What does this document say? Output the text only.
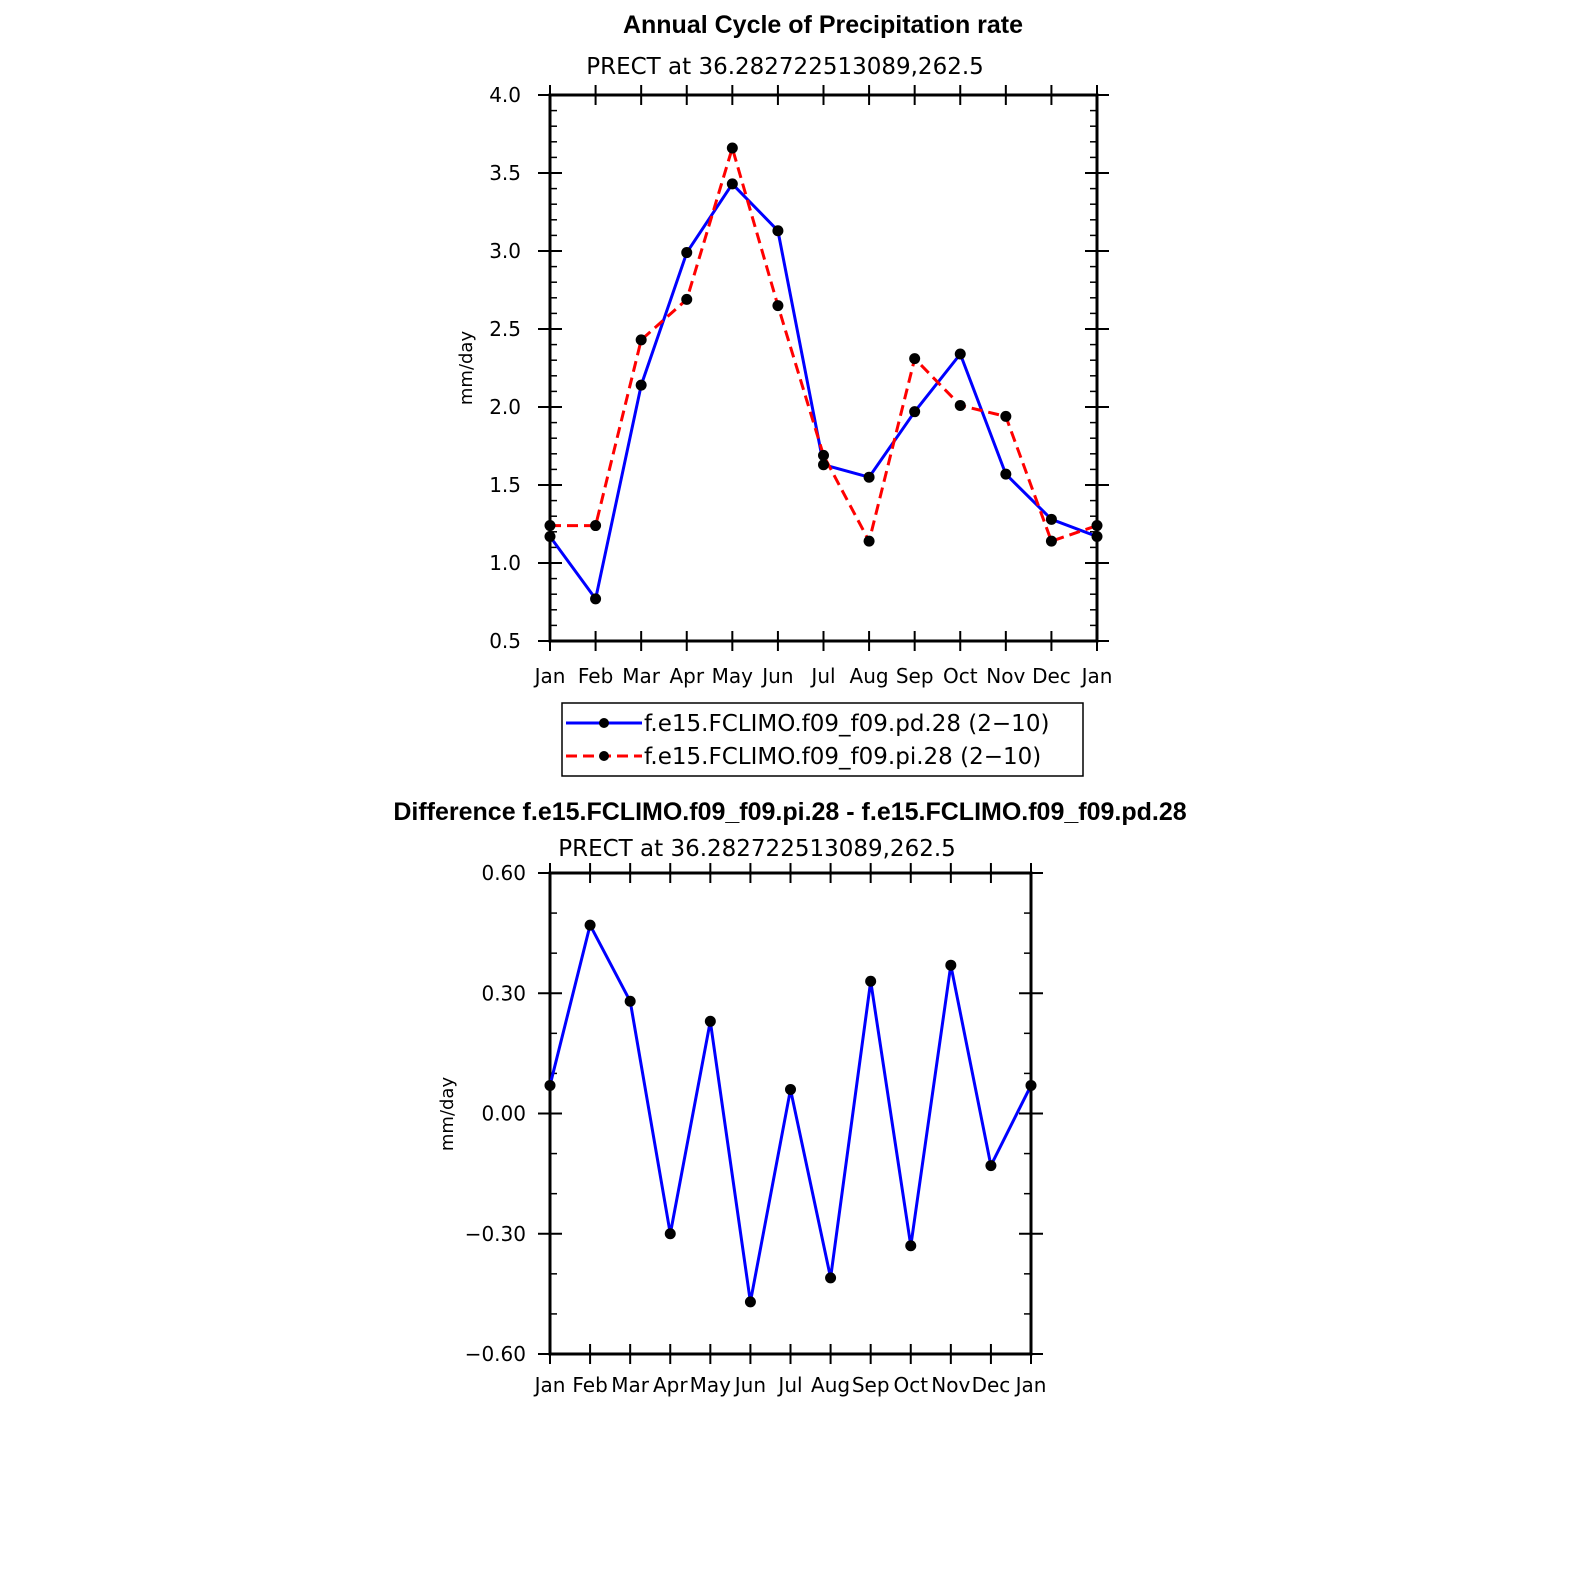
Annual Cycle of Precipitation rate
PRECT at 36.282722513089,262.5
mm/day
f.e15.FCLIMO.f09_f09.pd.28 (2−10)
f.e15.FCLIMO.f09_f09.pi.28 (2−10)
0.5
1.0
1.5
2.0
2.5
3.0
3.5
4.0
Jan Feb Mar Apr May Jun Jul Aug Sep Oct Nov Dec Jan
Difference f.e15.FCLIMO.f09_f09.pi.28 - f.e15.FCLIMO.f09_f09.pd.28
PRECT at 36.282722513089,262.5
mm/day
−0.60
−0.30
0.00
0.30
0.60
Jan Feb Mar Apr May Jun Jul Aug Sep Oct Nov Dec Jan
